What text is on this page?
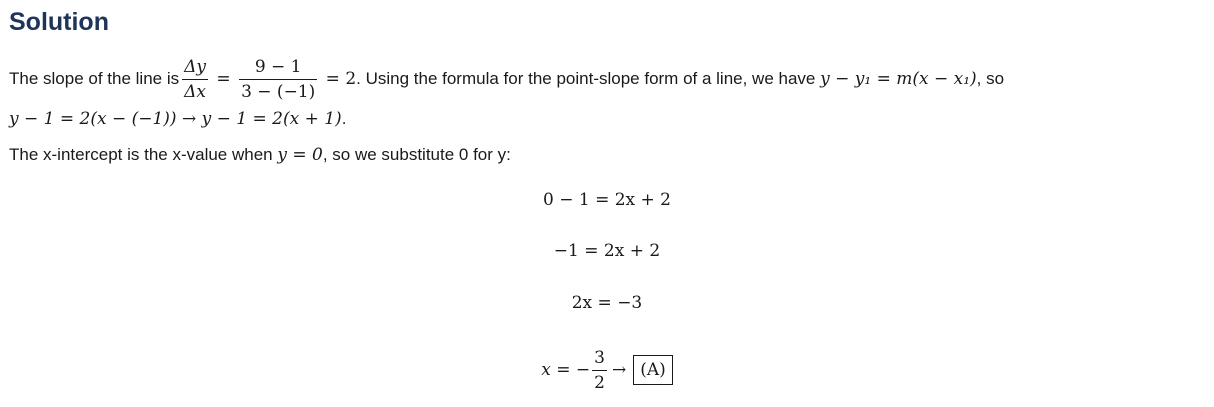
Solution
The slope of the line is $\frac{\Delta y}{\Delta x} = \frac{9 - 1}{3 - (-1)} = 2$ . Using the formula for the point-slope form of a line, we have y − y₁ = m(x − x₁) , so
y − 1 = 2(x − (−1)) → y − 1 = 2(x + 1).
The x-intercept is the x-value when y = 0, so we substitute 0 for y:
0 − 1 = 2x + 2
−1 = 2x + 2
2x = −3
x = − $\frac{3}{2} \to (A)$
